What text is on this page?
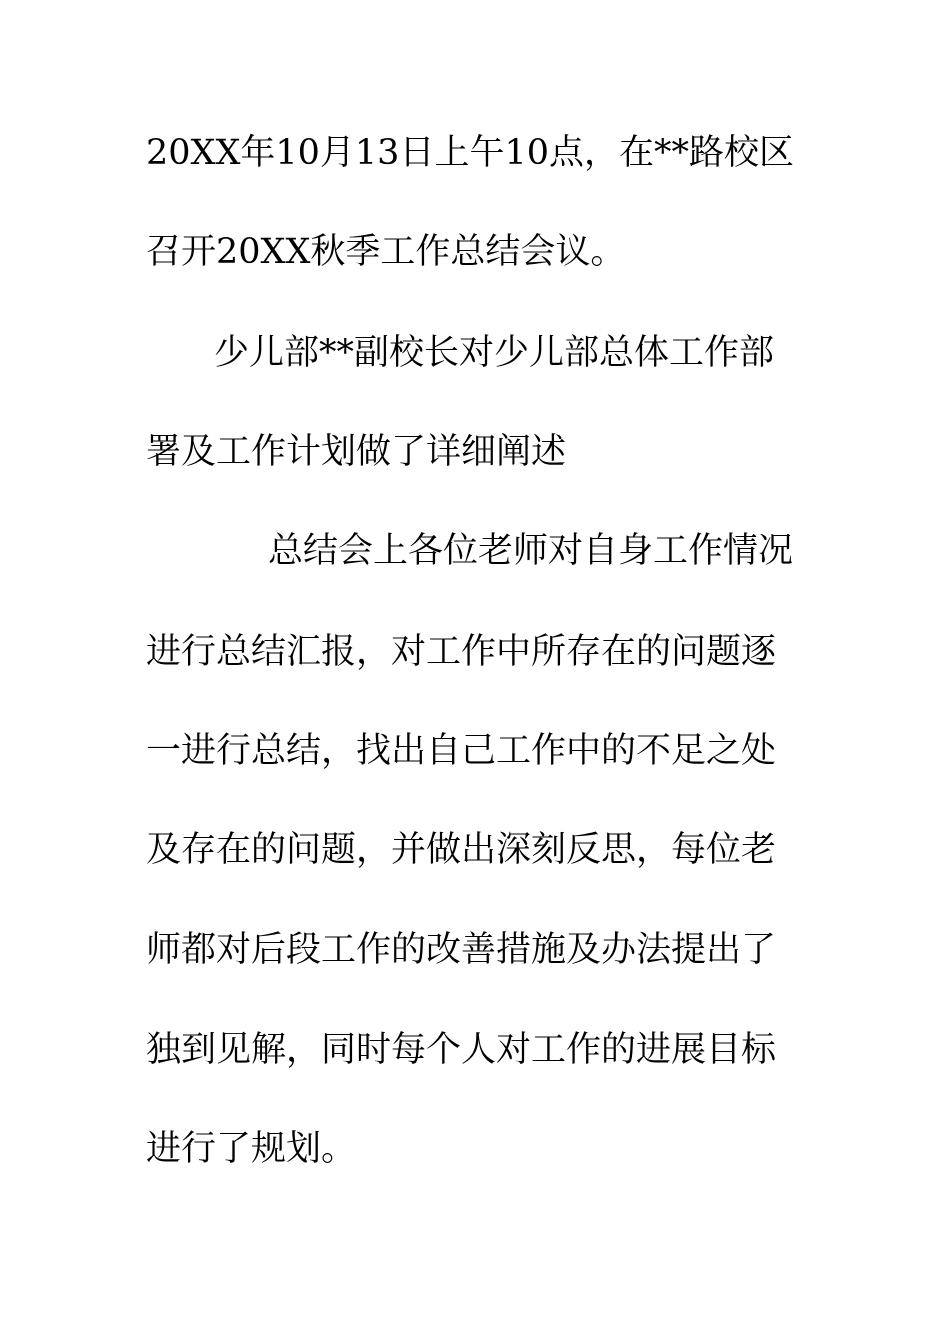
20XX年10月13日上午10点，在**路校区
召开20XX秋季工作总结会议。
少儿部**副校长对少儿部总体工作部
署及工作计划做了详细阐述
总结会上各位老师对自身工作情况
进行总结汇报，对工作中所存在的问题逐
一进行总结，找出自己工作中的不足之处
及存在的问题，并做出深刻反思，每位老
师都对后段工作的改善措施及办法提出了
独到见解，同时每个人对工作的进展目标
进行了规划。
